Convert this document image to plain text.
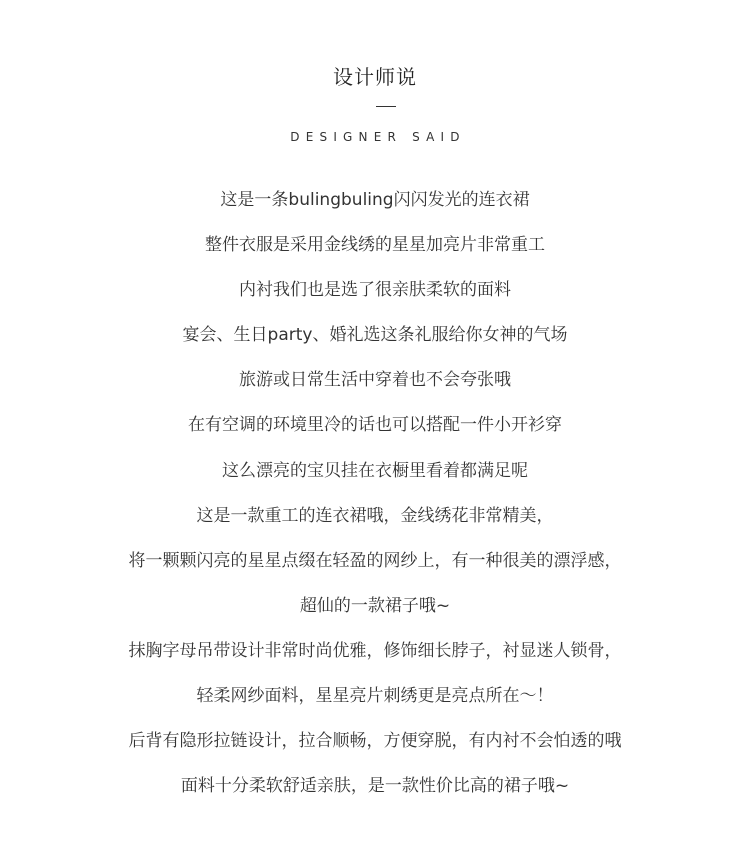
设计师说
DESIGNER SAID
这是一条bulingbuling闪闪发光的连衣裙
整件衣服是采用金线绣的星星加亮片非常重工
内衬我们也是选了很亲肤柔软的面料
宴会、生日party、婚礼选这条礼服给你女神的气场
旅游或日常生活中穿着也不会夸张哦
在有空调的环境里冷的话也可以搭配一件小开衫穿
这么漂亮的宝贝挂在衣橱里看着都满足呢
这是一款重工的连衣裙哦，金线绣花非常精美，
将一颗颗闪亮的星星点缀在轻盈的网纱上，有一种很美的漂浮感，
超仙的一款裙子哦~
抹胸字母吊带设计非常时尚优雅，修饰细长脖子，衬显迷人锁骨，
轻柔网纱面料，星星亮片刺绣更是亮点所在～！
后背有隐形拉链设计，拉合顺畅，方便穿脱，有内衬不会怕透的哦
面料十分柔软舒适亲肤，是一款性价比高的裙子哦~
